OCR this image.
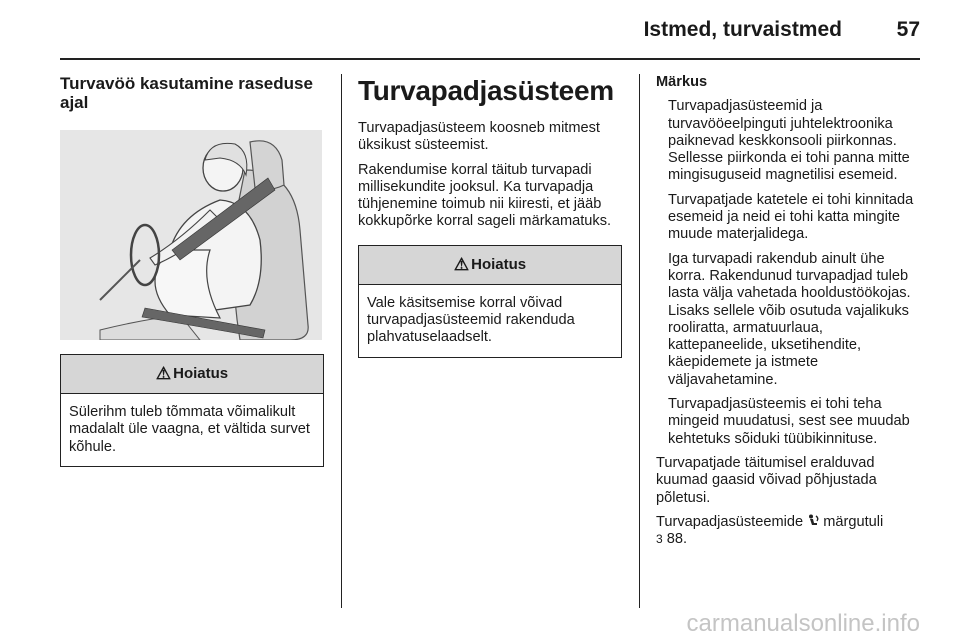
Istmed, turvaistmed	57
Turvavöö kasutamine raseduse ajal
⚠ Hoiatus
Sülerihm tuleb tõmmata võimalikult madalalt üle vaagna, et vältida survet kõhule.
Turvapadjasüsteem

Turvapadjasüsteem koosneb mitmest üksikust süsteemist.

Rakendumise korral täitub turvapadi millisekundite jooksul. Ka turvapadja tühjenemine toimub nii kiiresti, et jääb kokkupõrke korral sageli märkamatuks.

⚠ Hoiatus
Vale käsitsemise korral võivad turvapadjasüsteemid rakenduda plahvatuselaadselt.

Märkus

Turvapadjasüsteemid ja turvavööeelpinguti juhtelektroonika paiknevad keskkonsooli piirkonnas. Sellesse piirkonda ei tohi panna mitte mingisuguseid magnetilisi esemeid.

Turvapatjade katetele ei tohi kinnitada esemeid ja neid ei tohi katta mingite muude materjalidega.

Iga turvapadi rakendub ainult ühe korra. Rakendunud turvapadjad tuleb lasta välja vahetada hooldustöökojas. Lisaks sellele võib osutuda vajalikuks rooliratta, armatuurlaua, kattepaneelide, uksetihendite, käepidemete ja istmete väljavahetamine.

Turvapadjasüsteemis ei tohi teha mingeid muudatusi, sest see muudab kehtetuks sõiduki tüübikinnituse.

Turvapatjade täitumisel eralduvad kuumad gaasid võivad põhjustada põletusi.

Turvapadjasüsteemide märgutuli
3 88.

carmanualsonline.info
